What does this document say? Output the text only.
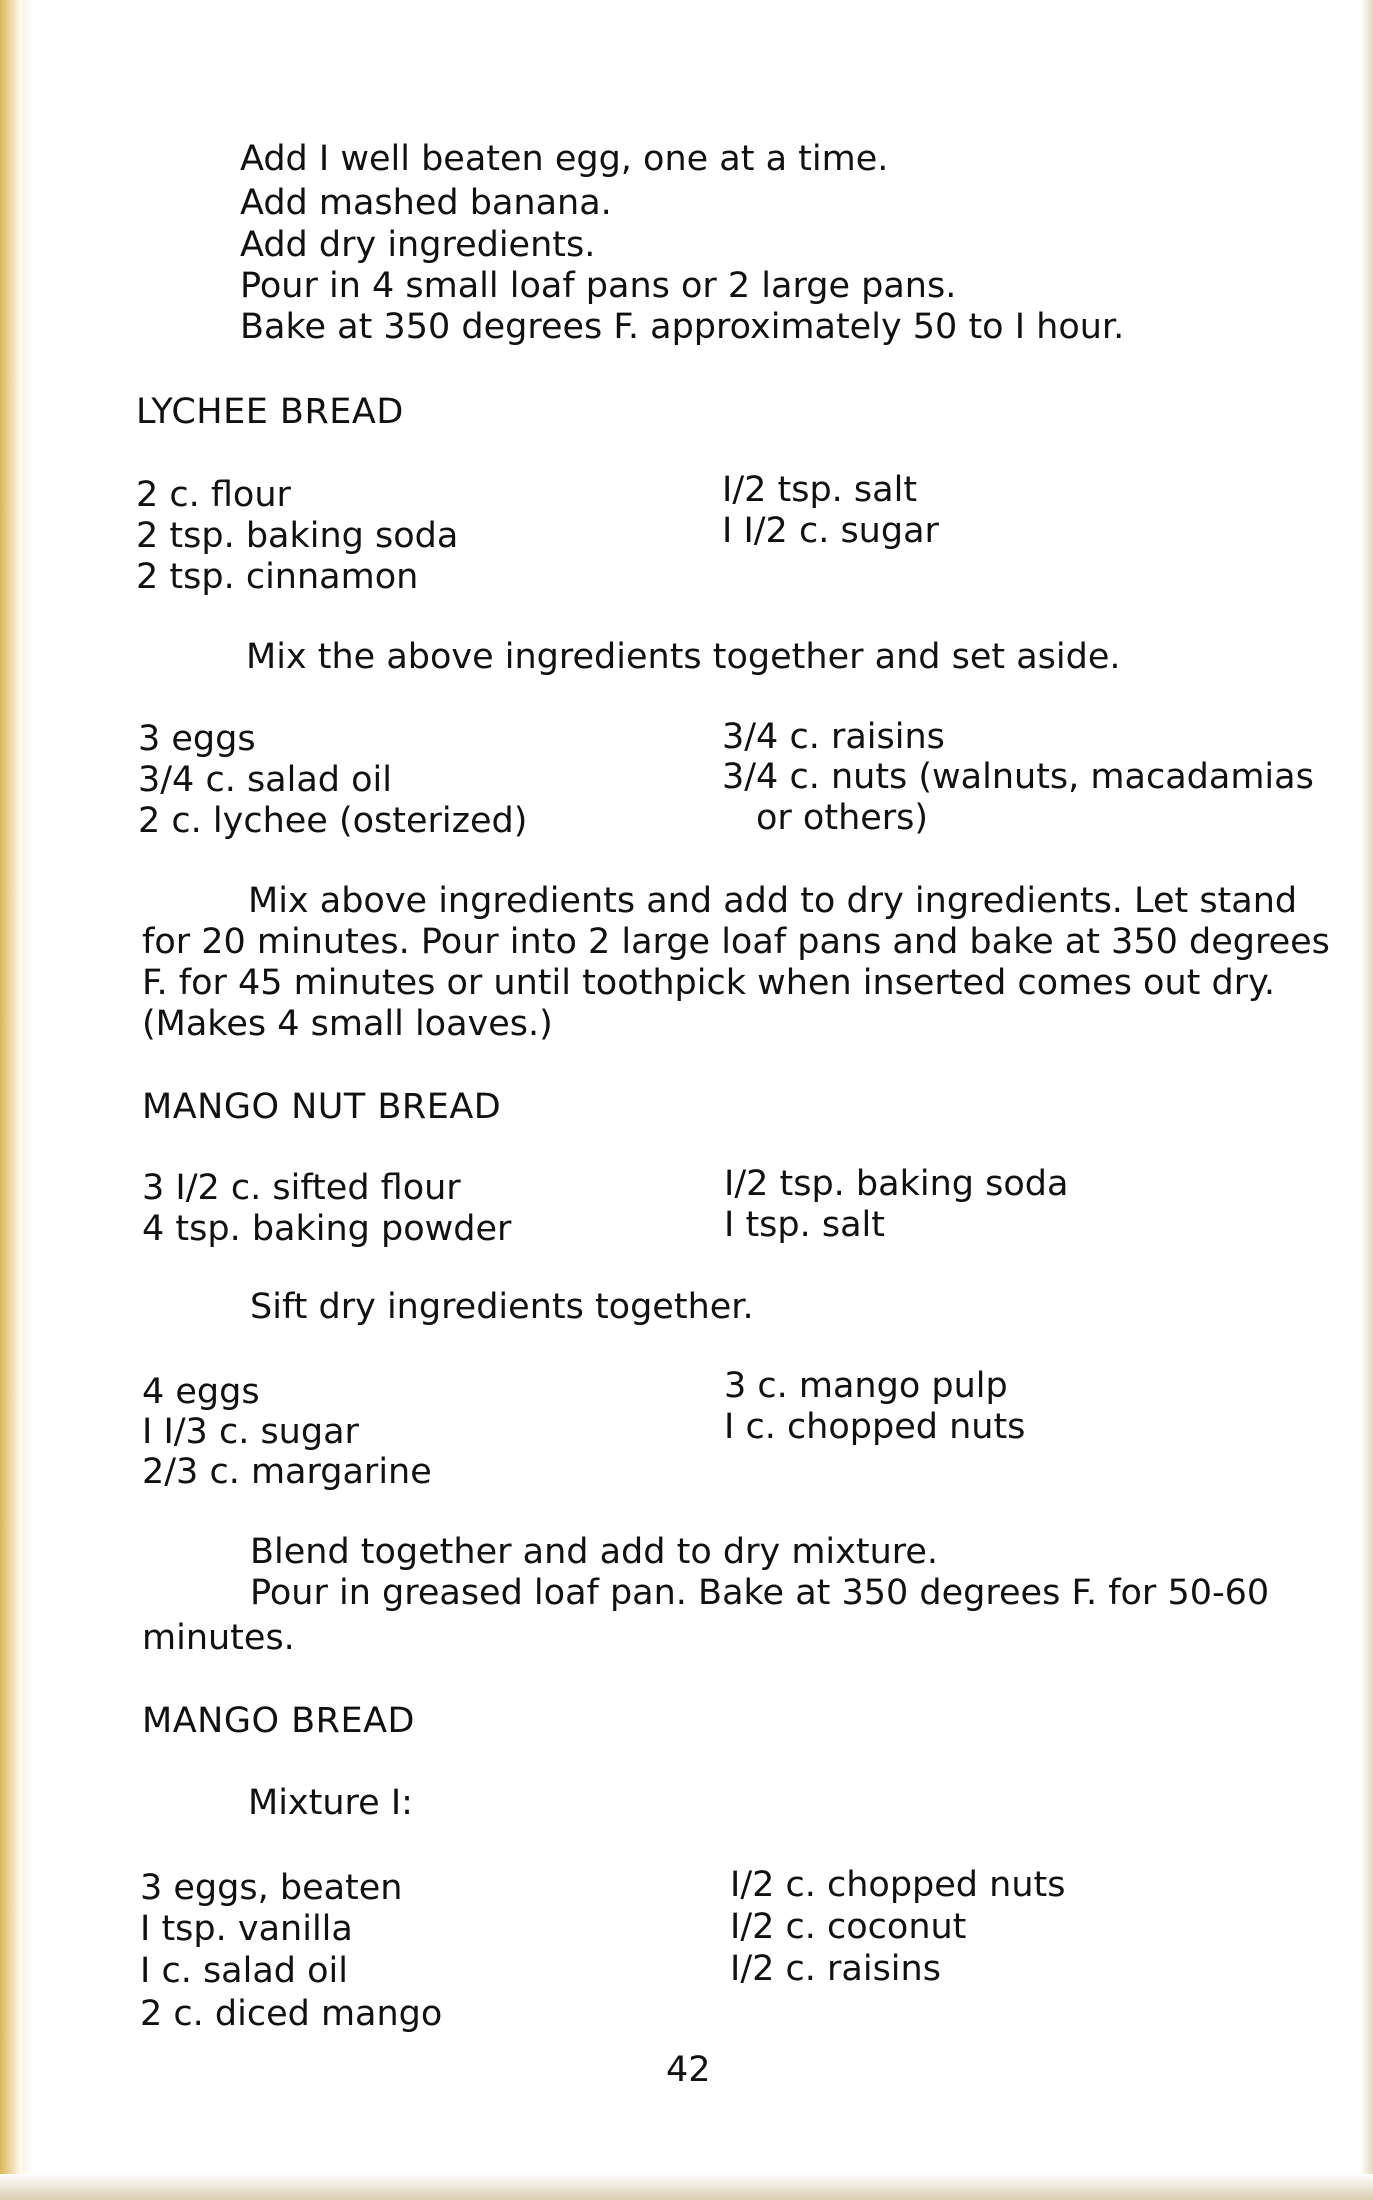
Add I well beaten egg, one at a time.
Add mashed banana.
Add dry ingredients.
Pour in 4 small loaf pans or 2 large pans.
Bake at 350 degrees F. approximately 50 to I hour.
LYCHEE BREAD
2 c. flour
2 tsp. baking soda
2 tsp. cinnamon
I/2 tsp. salt
I I/2 c. sugar
Mix the above ingredients together and set aside.
3 eggs
3/4 c. salad oil
2 c. lychee (osterized)
3/4 c. raisins
3/4 c. nuts (walnuts, macadamias
or others)
Mix above ingredients and add to dry ingredients. Let stand
for 20 minutes. Pour into 2 large loaf pans and bake at 350 degrees
F. for 45 minutes or until toothpick when inserted comes out dry.
(Makes 4 small loaves.)
MANGO NUT BREAD
3 I/2 c. sifted flour
4 tsp. baking powder
I/2 tsp. baking soda
I tsp. salt
Sift dry ingredients together.
4 eggs
I I/3 c. sugar
2/3 c. margarine
3 c. mango pulp
I c. chopped nuts
Blend together and add to dry mixture.
Pour in greased loaf pan. Bake at 350 degrees F. for 50-60
minutes.
MANGO BREAD
Mixture I:
3 eggs, beaten
I tsp. vanilla
I c. salad oil
2 c. diced mango
I/2 c. chopped nuts
I/2 c. coconut
I/2 c. raisins
42
